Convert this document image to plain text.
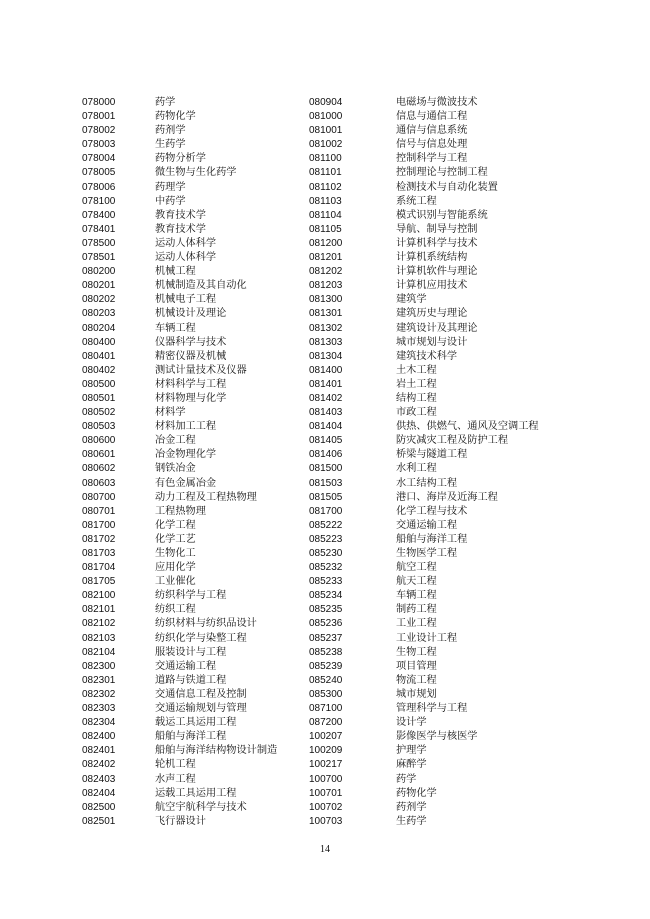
078000	药学
078001	药物化学
078002	药剂学
078003	生药学
078004	药物分析学
078005	微生物与生化药学
078006	药理学
078100	中药学
078400	教育技术学
078401	教育技术学
078500	运动人体科学
078501	运动人体科学
080200	机械工程
080201	机械制造及其自动化
080202	机械电子工程
080203	机械设计及理论
080204	车辆工程
080400	仪器科学与技术
080401	精密仪器及机械
080402	测试计量技术及仪器
080500	材料科学与工程
080501	材料物理与化学
080502	材料学
080503	材料加工工程
080600	冶金工程
080601	冶金物理化学
080602	钢铁冶金
080603	有色金属冶金
080700	动力工程及工程热物理
080701	工程热物理
081700	化学工程
081702	化学工艺
081703	生物化工
081704	应用化学
081705	工业催化
082100	纺织科学与工程
082101	纺织工程
082102	纺织材料与纺织品设计
082103	纺织化学与染整工程
082104	服装设计与工程
082300	交通运输工程
082301	道路与铁道工程
082302	交通信息工程及控制
082303	交通运输规划与管理
082304	载运工具运用工程
082400	船舶与海洋工程
082401	船舶与海洋结构物设计制造
082402	轮机工程
082403	水声工程
082404	运载工具运用工程
082500	航空宇航科学与技术
082501	飞行器设计
080904	电磁场与微波技术
081000	信息与通信工程
081001	通信与信息系统
081002	信号与信息处理
081100	控制科学与工程
081101	控制理论与控制工程
081102	检测技术与自动化装置
081103	系统工程
081104	模式识别与智能系统
081105	导航、制导与控制
081200	计算机科学与技术
081201	计算机系统结构
081202	计算机软件与理论
081203	计算机应用技术
081300	建筑学
081301	建筑历史与理论
081302	建筑设计及其理论
081303	城市规划与设计
081304	建筑技术科学
081400	土木工程
081401	岩土工程
081402	结构工程
081403	市政工程
081404	供热、供燃气、通风及空调工程
081405	防灾减灾工程及防护工程
081406	桥梁与隧道工程
081500	水利工程
081503	水工结构工程
081505	港口、海岸及近海工程
081700	化学工程与技术
085222	交通运输工程
085223	船舶与海洋工程
085230	生物医学工程
085232	航空工程
085233	航天工程
085234	车辆工程
085235	制药工程
085236	工业工程
085237	工业设计工程
085238	生物工程
085239	项目管理
085240	物流工程
085300	城市规划
087100	管理科学与工程
087200	设计学
100207	影像医学与核医学
100209	护理学
100217	麻醉学
100700	药学
100701	药物化学
100702	药剂学
100703	生药学
14
